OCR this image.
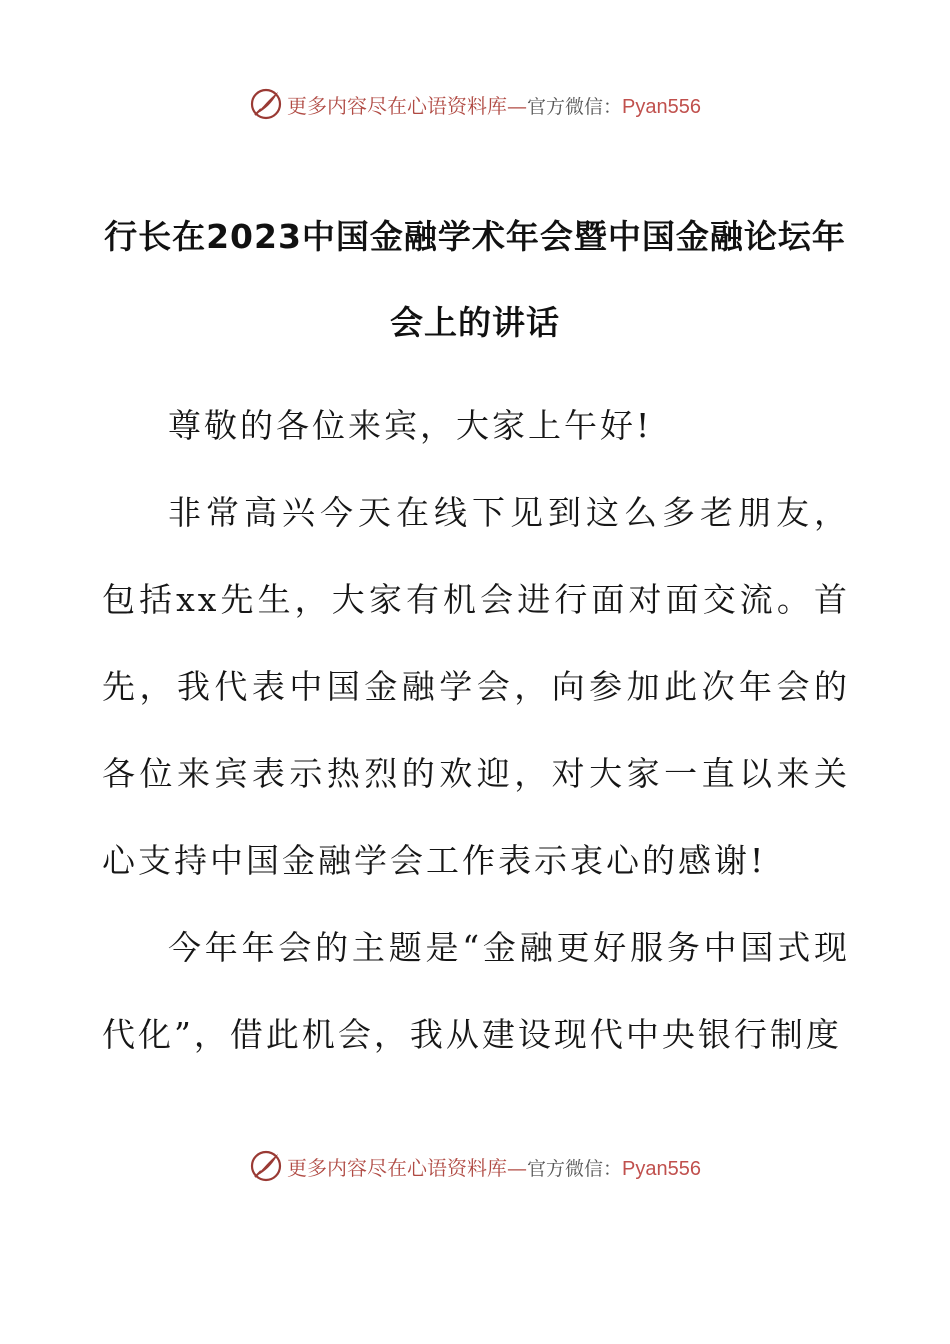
更多内容尽在心语资料库—官方微信：Pyan556
行长在2023中国金融学术年会暨中国金融论坛年会上的讲话

尊敬的各位来宾，大家上午好!

非常高兴今天在线下见到这么多老朋友，包括xx先生，大家有机会进行面对面交流。首先，我代表中国金融学会，向参加此次年会的各位来宾表示热烈的欢迎，对大家一直以来关心支持中国金融学会工作表示衷心的感谢!

今年年会的主题是“金融更好服务中国式现代化”，借此机会，我从建设现代中央银行制度

更多内容尽在心语资料库—官方微信：Pyan556
